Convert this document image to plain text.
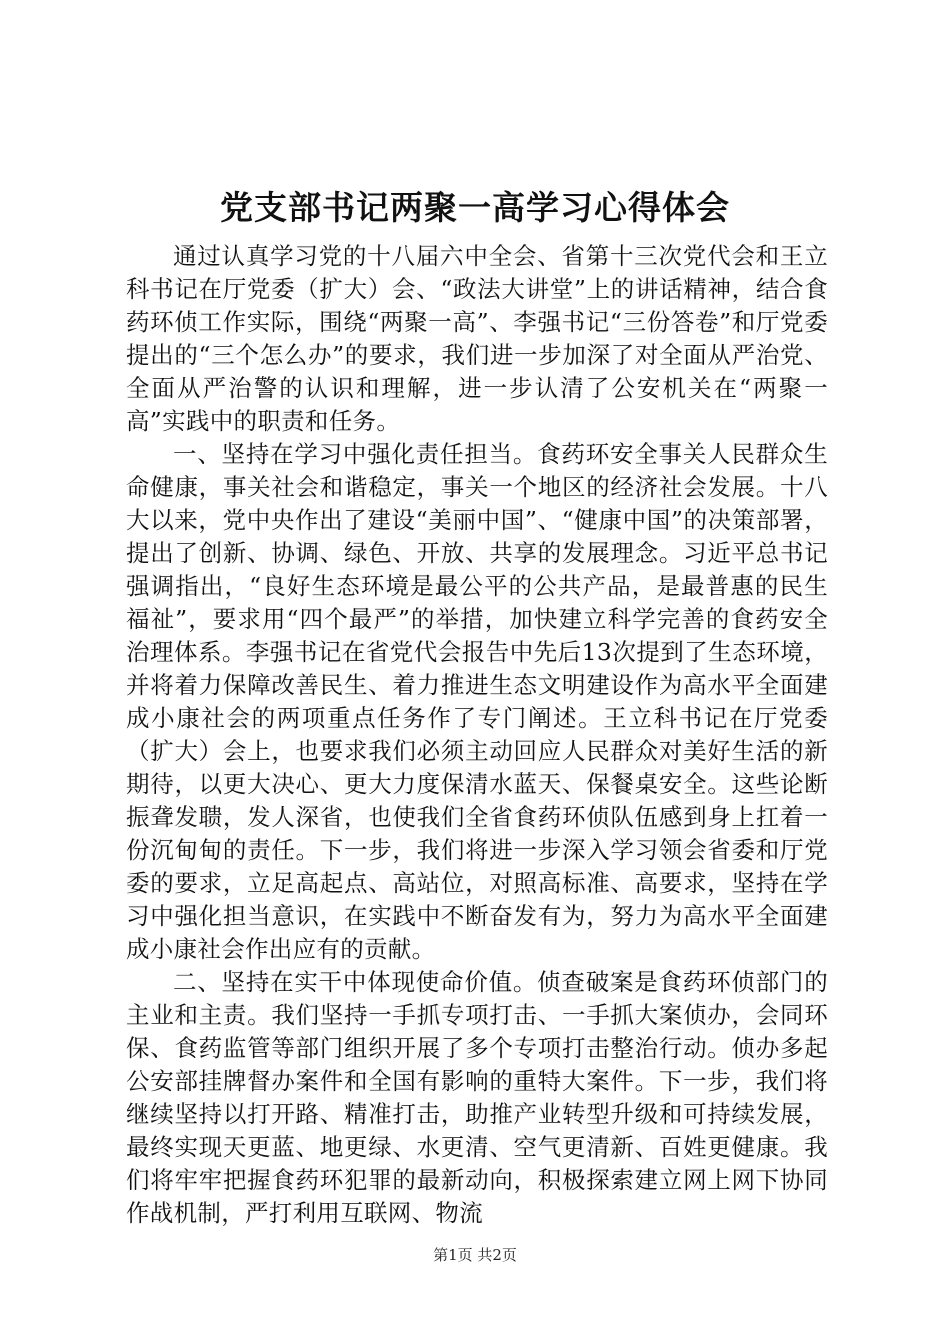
党支部书记两聚一高学习心得体会

通过认真学习党的十八届六中全会、省第十三次党代会和王立科书记在厅党委（扩大）会、“政法大讲堂”上的讲话精神，结合食药环侦工作实际，围绕“两聚一高”、李强书记“三份答卷”和厅党委提出的“三个怎么办”的要求，我们进一步加深了对全面从严治党、全面从严治警的认识和理解，进一步认清了公安机关在“两聚一高”实践中的职责和任务。

一、坚持在学习中强化责任担当。食药环安全事关人民群众生命健康，事关社会和谐稳定，事关一个地区的经济社会发展。十八大以来，党中央作出了建设“美丽中国”、“健康中国”的决策部署，提出了创新、协调、绿色、开放、共享的发展理念。习近平总书记强调指出，“良好生态环境是最公平的公共产品，是最普惠的民生福祉”，要求用“四个最严”的举措，加快建立科学完善的食药安全治理体系。李强书记在省党代会报告中先后13次提到了生态环境，并将着力保障改善民生、着力推进生态文明建设作为高水平全面建成小康社会的两项重点任务作了专门阐述。王立科书记在厅党委（扩大）会上，也要求我们必须主动回应人民群众对美好生活的新期待，以更大决心、更大力度保清水蓝天、保餐桌安全。这些论断振聋发聩，发人深省，也使我们全省食药环侦队伍感到身上扛着一份沉甸甸的责任。下一步，我们将进一步深入学习领会省委和厅党委的要求，立足高起点、高站位，对照高标准、高要求，坚持在学习中强化担当意识，在实践中不断奋发有为，努力为高水平全面建成小康社会作出应有的贡献。

二、坚持在实干中体现使命价值。侦查破案是食药环侦部门的主业和主责。我们坚持一手抓专项打击、一手抓大案侦办，会同环保、食药监管等部门组织开展了多个专项打击整治行动。侦办多起公安部挂牌督办案件和全国有影响的重特大案件。下一步，我们将继续坚持以打开路、精准打击，助推产业转型升级和可持续发展，最终实现天更蓝、地更绿、水更清、空气更清新、百姓更健康。我们将牢牢把握食药环犯罪的最新动向，积极探索建立网上网下协同作战机制，严打利用互联网、物流

第1页 共2页
